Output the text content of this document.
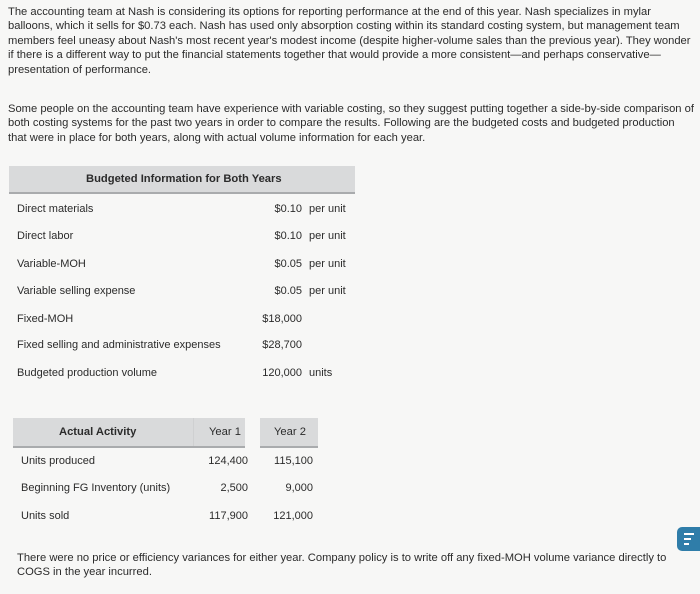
The accounting team at Nash is considering its options for reporting performance at the end of this year. Nash specializes in mylar balloons, which it sells for $0.73 each. Nash has used only absorption costing within its standard costing system, but management team members feel uneasy about Nash's most recent year's modest income (despite higher-volume sales than the previous year). They wonder if there is a different way to put the financial statements together that would provide a more consistent—and perhaps conservative—presentation of performance.

Some people on the accounting team have experience with variable costing, so they suggest putting together a side-by-side comparison of both costing systems for the past two years in order to compare the results. Following are the budgeted costs and budgeted production that were in place for both years, along with actual volume information for each year.

Budgeted Information for Both Years
Direct materials	$0.10 per unit
Direct labor	$0.10 per unit
Variable-MOH	$0.05 per unit
Variable selling expense	$0.05 per unit
Fixed-MOH	$18,000
Fixed selling and administrative expenses	$28,700
Budgeted production volume	120,000 units
Actual Activity	Year 1	Year 2
Units produced	124,400 115,100
Beginning FG Inventory (units)	2,500	9,000
Units sold	117,900 121,000

There were no price or efficiency variances for either year. Company policy is to write off any fixed-MOH volume variance directly to COGS in the year incurred.
